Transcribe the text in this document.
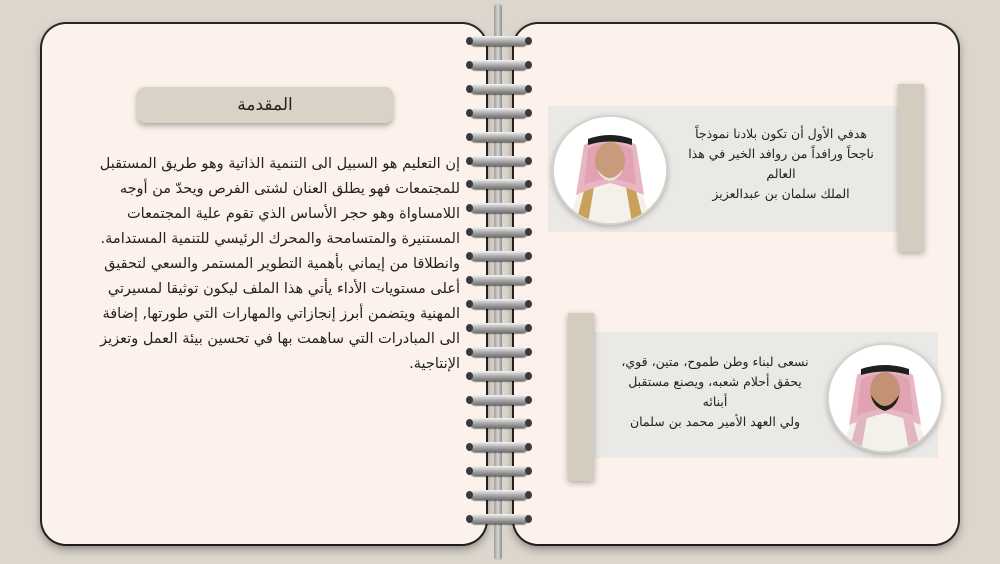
المقدمة
إن التعليم هو السبيل الى التنمية الذاتية وهو طريق المستقبل
للمجتمعات فهو يطلق العنان لشتى الفرص ويحدّ من أوجه
اللامساواة وهو حجر الأساس الذي تقوم علية المجتمعات
المستنيرة والمتسامحة والمحرك الرئيسي للتنمية المستدامة.
وانطلاقا من إيماني بأهمية التطوير المستمر والسعي لتحقيق
أعلى مستويات الأداء يأتي هذا الملف ليكون توثيقا لمسيرتي
المهنية ويتضمن أبرز إنجازاتي والمهارات التي طورتها, إضافة
الى المبادرات التي ساهمت بها في تحسين بيئة العمل وتعزيز
الإنتاجية.
هدفي الأول أن تكون بلادنا نموذجاً
ناجحاً ورافداً من روافد الخير في هذا
العالم
الملك سلمان بن عبدالعزيز
نسعى لبناء وطن طموح، متين، قوي،
يحقق أحلام شعبه، ويصنع مستقبل
أبنائه
ولي العهد الأمير محمد بن سلمان
